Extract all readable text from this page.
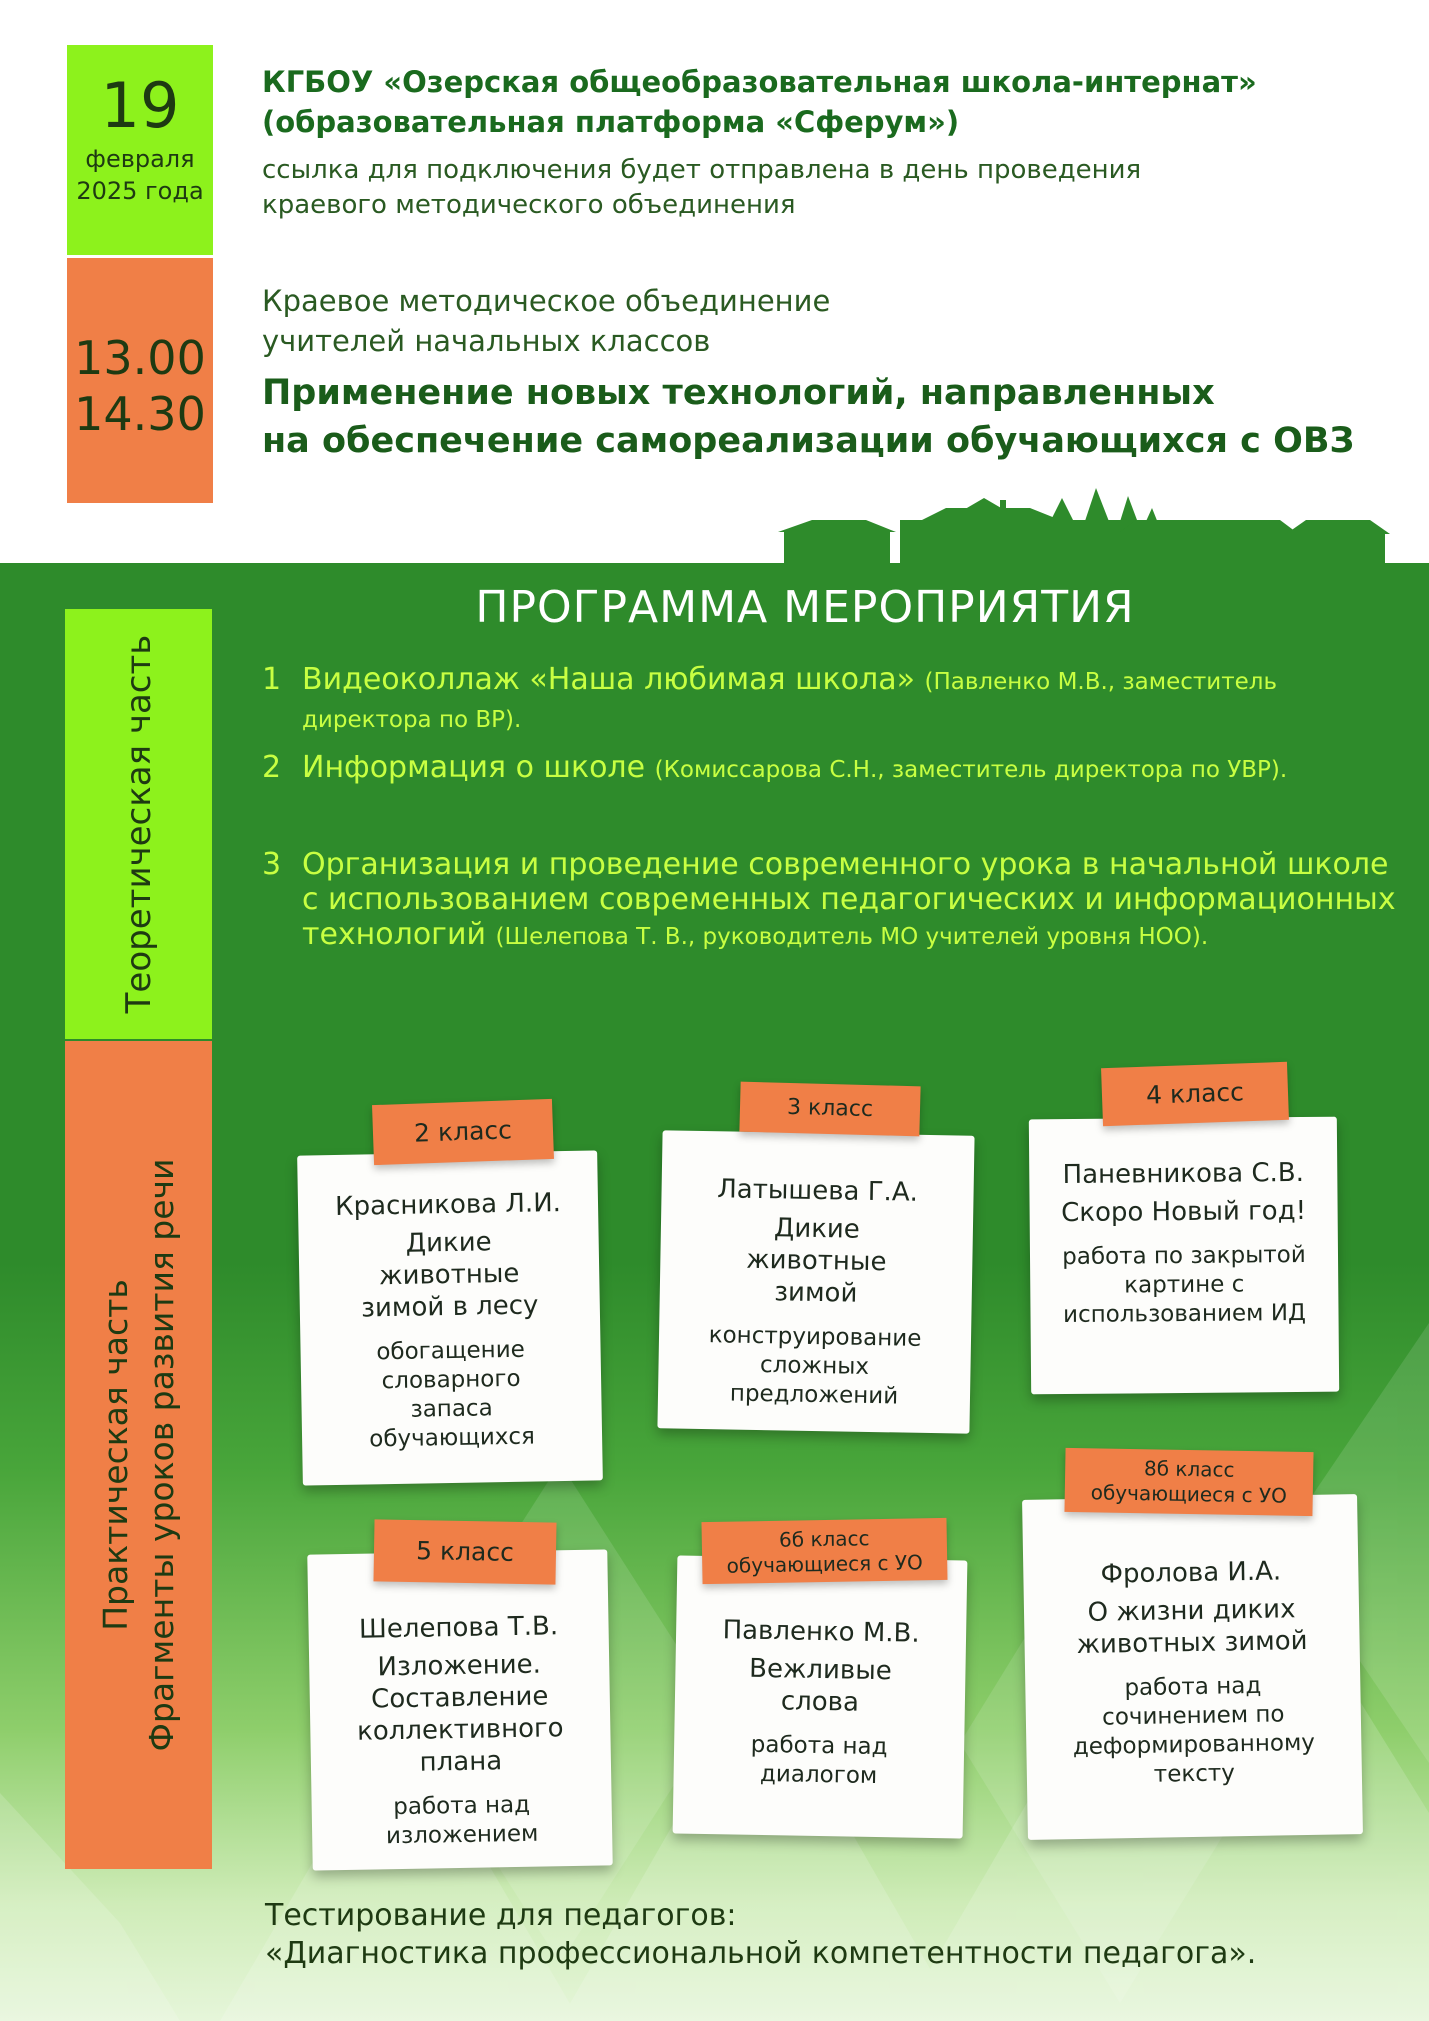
19
февраля
2025 года
13.00
14.30
КГБОУ «Озерская общеобразовательная школа-интернат»
(образовательная платформа «Сферум»)
ссылка для подключения будет отправлена в день проведения
краевого методического объединения
Краевое методическое объединение
учителей начальных классов
Применение новых технологий, направленных
на обеспечение самореализации обучающихся с ОВЗ
Теоретическая часть
Практическая часть Фрагменты уроков развития речи
ПРОГРАММА МЕРОПРИЯТИЯ
1 Видеоколлаж «Наша любимая школа» (Павленко М.В., заместитель директора по ВР).
2 Информация о школе (Комиссарова С.Н., заместитель директора по УВР).
3 Организация и проведение современного урока в начальной школе с использованием современных педагогических и информационных технологий (Шелепова Т. В., руководитель МО учителей уровня НОО).
Красникова Л.И.
Дикие животные зимой в лесу
обогащение словарного запаса обучающихся
2 класс
Латышева Г.А.
Дикие животные зимой
конструирование сложных предложений
3 класс
Паневникова С.В.
Скоро Новый год!
работа по закрытой картине с использованием ИД
4 класс
Шелепова Т.В.
Изложение. Составление коллективного плана
работа над изложением
5 класс
Павленко М.В.
Вежливые слова
работа над диалогом
6б класс
обучающиеся с УО	Фролова И.А.
О жизни диких животных зимой
работа над сочинением по деформированному тексту
8б класс
обучающиеся с УО
Тестирование для педагогов:
«Диагностика профессиональной компетентности педагога».
